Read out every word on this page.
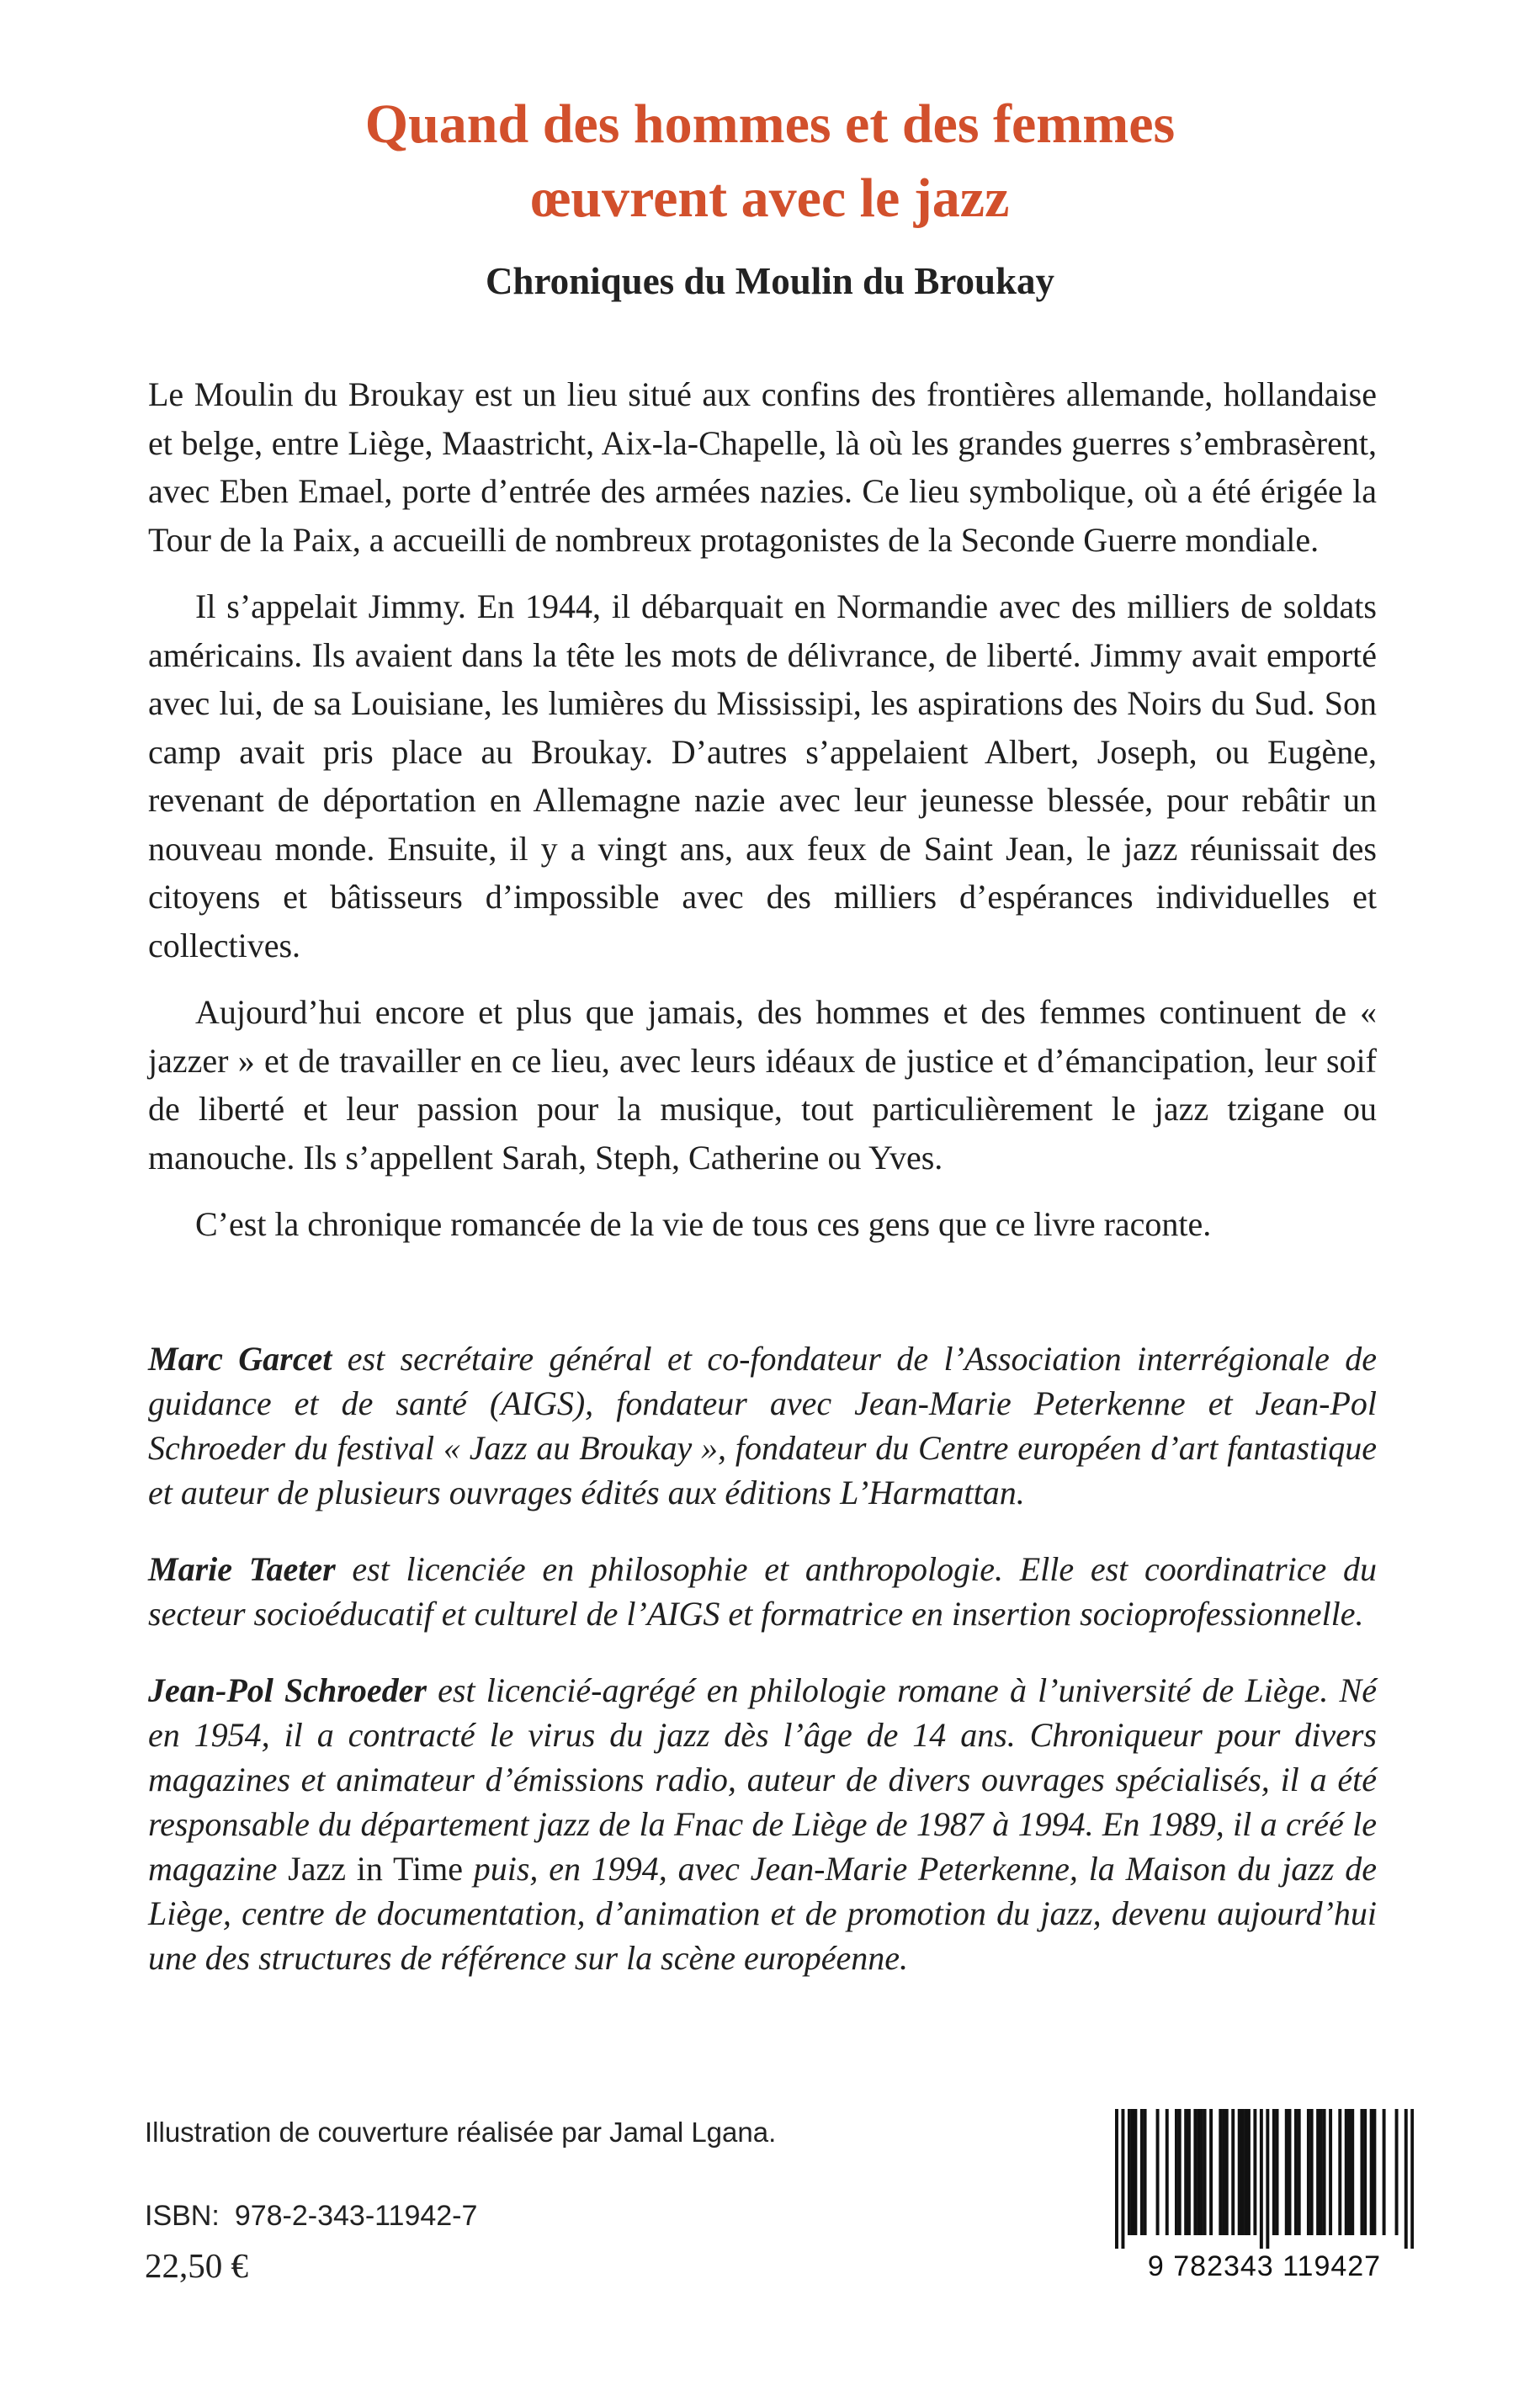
Quand des hommes et des femmes
œuvrent avec le jazz
Chroniques du Moulin du Broukay

Le Moulin du Broukay est un lieu situé aux confins des frontières allemande, hollandaise et belge, entre Liège, Maastricht, Aix-la-Chapelle, là où les grandes guerres s’embrasèrent, avec Eben Emael, porte d’entrée des armées nazies. Ce lieu symbolique, où a été érigée la Tour de la Paix, a accueilli de nombreux protagonistes de la Seconde Guerre mondiale.

Il s’appelait Jimmy. En 1944, il débarquait en Normandie avec des milliers de soldats américains. Ils avaient dans la tête les mots de délivrance, de liberté. Jimmy avait emporté avec lui, de sa Louisiane, les lumières du Mississipi, les aspirations des Noirs du Sud. Son camp avait pris place au Broukay. D’autres s’appelaient Albert, Joseph, ou Eugène, revenant de déportation en Allemagne nazie avec leur jeunesse blessée, pour rebâtir un nouveau monde. Ensuite, il y a vingt ans, aux feux de Saint Jean, le jazz réunissait des citoyens et bâtisseurs d’impossible avec des milliers d’espérances individuelles et collectives.

Aujourd’hui encore et plus que jamais, des hommes et des femmes continuent de « jazzer » et de travailler en ce lieu, avec leurs idéaux de justice et d’émancipation, leur soif de liberté et leur passion pour la musique, tout particulièrement le jazz tzigane ou manouche. Ils s’appellent Sarah, Steph, Catherine ou Yves.

C’est la chronique romancée de la vie de tous ces gens que ce livre raconte.

Marc Garcet est secrétaire général et co-fondateur de l’Association interrégionale de guidance et de santé (AIGS), fondateur avec Jean-Marie Peterkenne et Jean-Pol Schroeder du festival « Jazz au Broukay », fondateur du Centre européen d’art fantastique et auteur de plusieurs ouvrages édités aux éditions L’Harmattan.

Marie Taeter est licenciée en philosophie et anthropologie. Elle est coordinatrice du secteur socioéducatif et culturel de l’AIGS et formatrice en insertion socioprofessionnelle.

Jean-Pol Schroeder est licencié-agrégé en philologie romane à l’université de Liège. Né en 1954, il a contracté le virus du jazz dès l’âge de 14 ans. Chroniqueur pour divers magazines et animateur d’émissions radio, auteur de divers ouvrages spécialisés, il a été responsable du département jazz de la Fnac de Liège de 1987 à 1994. En 1989, il a créé le magazine Jazz in Time puis, en 1994, avec Jean-Marie Peterkenne, la Maison du jazz de Liège, centre de documentation, d’animation et de promotion du jazz, devenu aujourd’hui une des structures de référence sur la scène européenne.

Illustration de couverture réalisée par Jamal Lgana.
ISBN: 978-2-343-11942-7
22,50 €	9 782343 119427
